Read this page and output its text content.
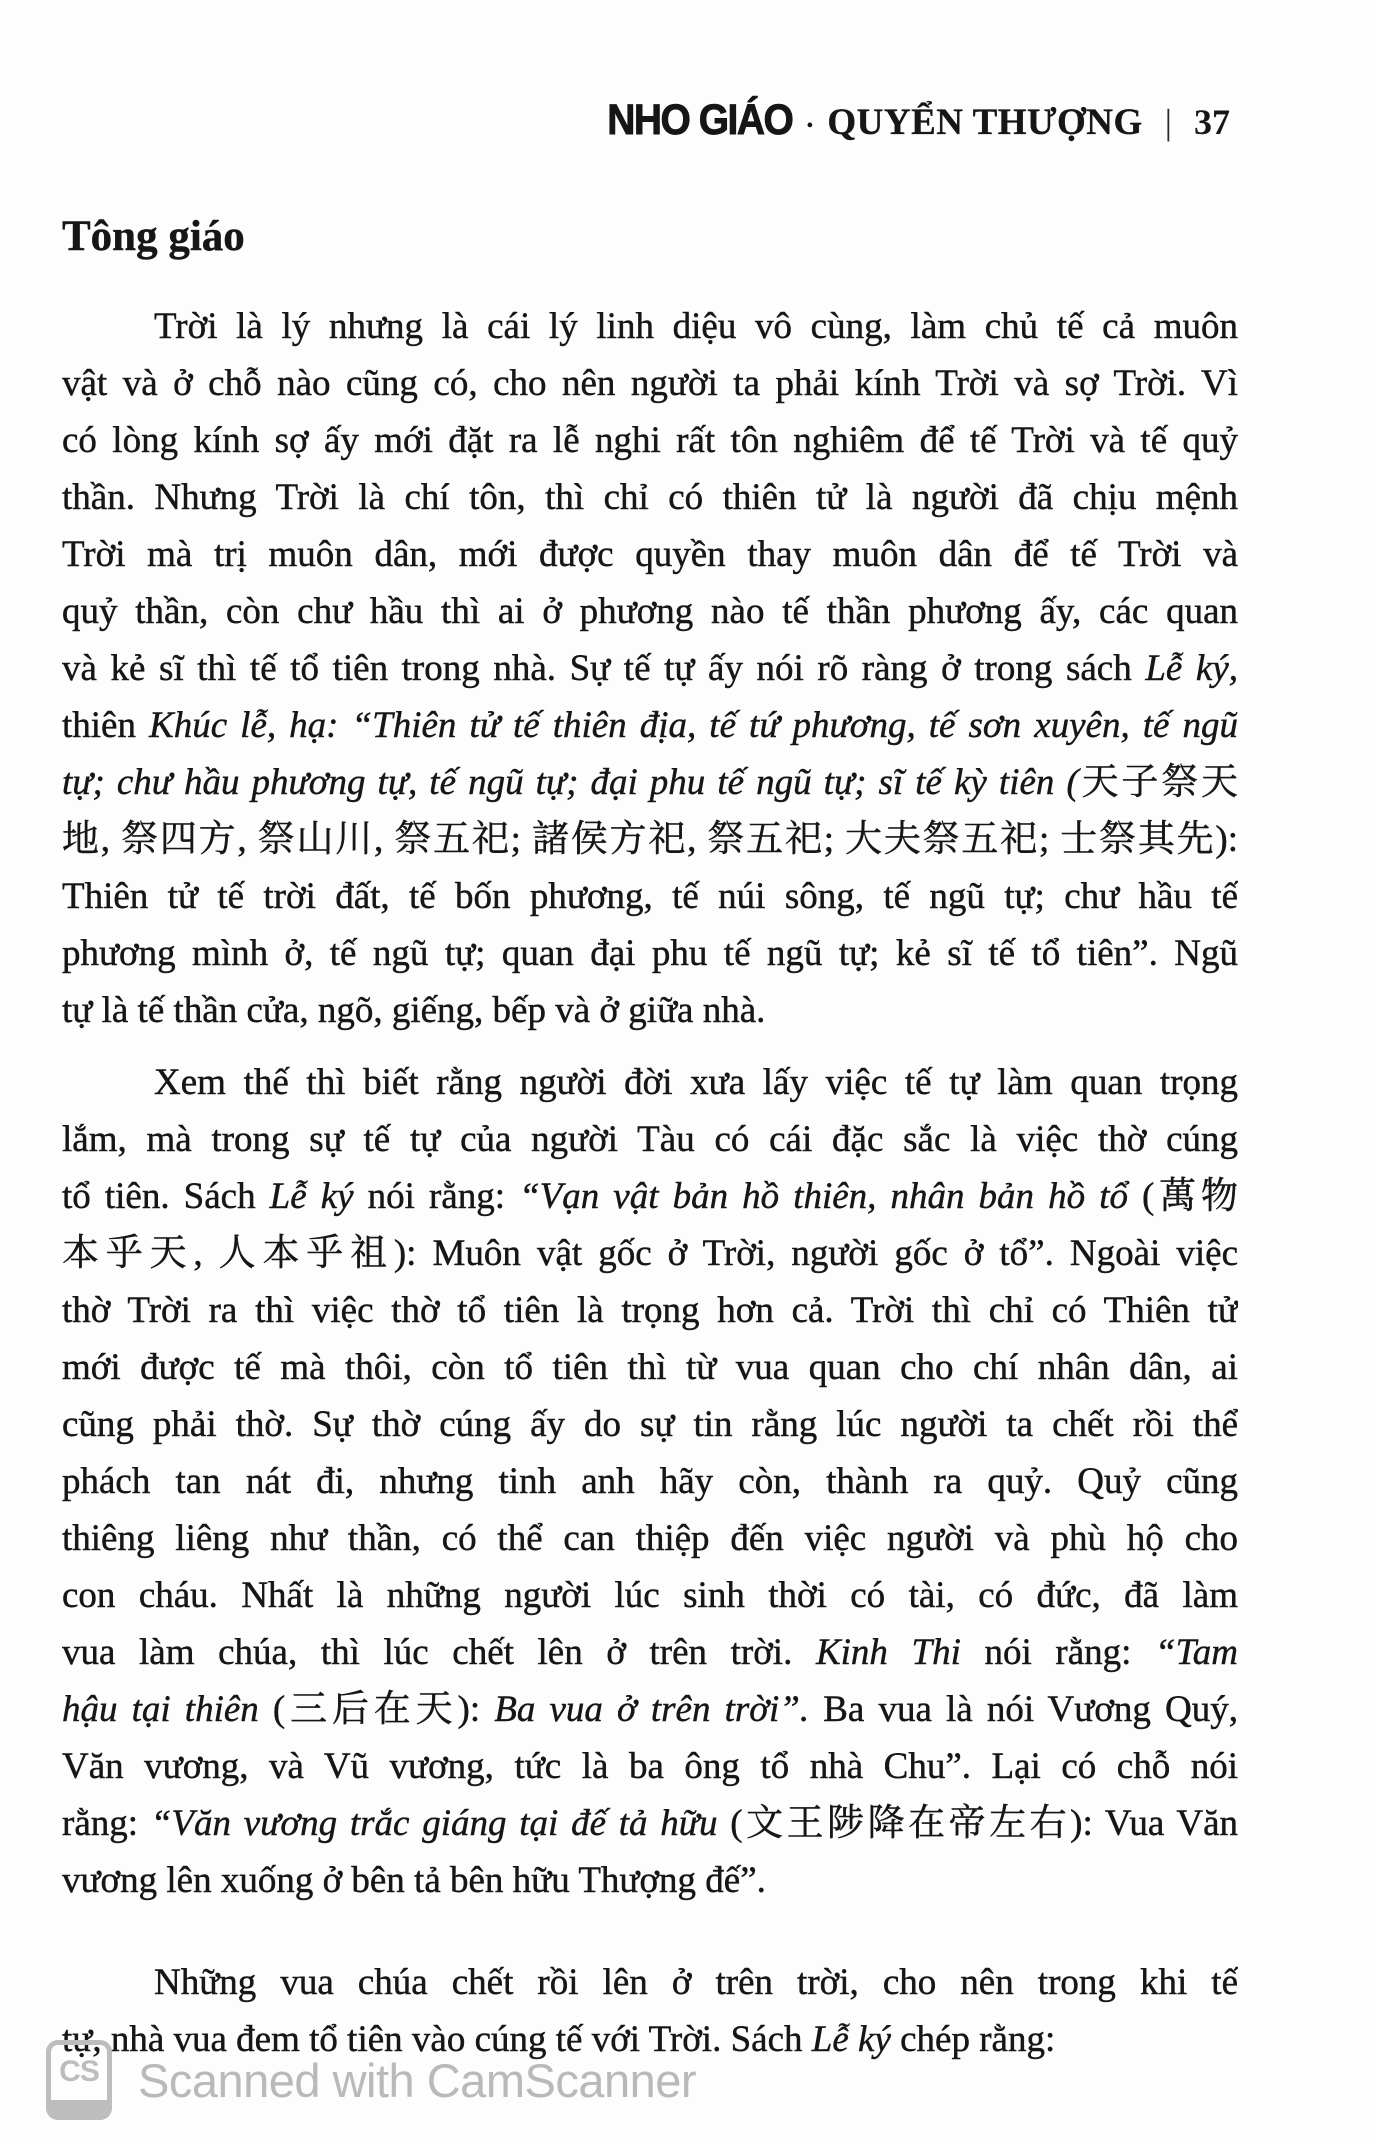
NHO GIÁO • QUYỂN THƯỢNG | 37
Tông giáo
Trời là lý nhưng là cái lý linh diệu vô cùng, làm chủ tế cả muôn
vật và ở chỗ nào cũng có, cho nên người ta phải kính Trời và sợ Trời. Vì
có lòng kính sợ ấy mới đặt ra lễ nghi rất tôn nghiêm để tế Trời và tế quỷ
thần. Nhưng Trời là chí tôn, thì chỉ có thiên tử là người đã chịu mệnh
Trời mà trị muôn dân, mới được quyền thay muôn dân để tế Trời và
quỷ thần, còn chư hầu thì ai ở phương nào tế thần phương ấy, các quan
và kẻ sĩ thì tế tổ tiên trong nhà. Sự tế tự ấy nói rõ ràng ở trong sách Lễ ký,
thiên Khúc lễ, hạ: “Thiên tử tế thiên địa, tế tứ phương, tế sơn xuyên, tế ngũ
tự; chư hầu phương tự, tế ngũ tự; đại phu tế ngũ tự; sĩ tế kỳ tiên (天子祭天
地, 祭四方, 祭山川, 祭五祀; 諸侯方祀, 祭五祀; 大夫祭五祀; 士祭其先):
Thiên tử tế trời đất, tế bốn phương, tế núi sông, tế ngũ tự; chư hầu tế
phương mình ở, tế ngũ tự; quan đại phu tế ngũ tự; kẻ sĩ tế tổ tiên”. Ngũ
tự là tế thần cửa, ngõ, giếng, bếp và ở giữa nhà.
Xem thế thì biết rằng người đời xưa lấy việc tế tự làm quan trọng
lắm, mà trong sự tế tự của người Tàu có cái đặc sắc là việc thờ cúng
tổ tiên. Sách Lễ ký nói rằng: “Vạn vật bản hồ thiên, nhân bản hồ tổ (萬物
本乎天, 人本乎祖): Muôn vật gốc ở Trời, người gốc ở tổ”. Ngoài việc
thờ Trời ra thì việc thờ tổ tiên là trọng hơn cả. Trời thì chỉ có Thiên tử
mới được tế mà thôi, còn tổ tiên thì từ vua quan cho chí nhân dân, ai
cũng phải thờ. Sự thờ cúng ấy do sự tin rằng lúc người ta chết rồi thể
phách tan nát đi, nhưng tinh anh hãy còn, thành ra quỷ. Quỷ cũng
thiêng liêng như thần, có thể can thiệp đến việc người và phù hộ cho
con cháu. Nhất là những người lúc sinh thời có tài, có đức, đã làm
vua làm chúa, thì lúc chết lên ở trên trời. Kinh Thi nói rằng: “Tam
hậu tại thiên (三后在天): Ba vua ở trên trời”. Ba vua là nói Vương Quý,
Văn vương, và Vũ vương, tức là ba ông tổ nhà Chu”. Lại có chỗ nói
rằng: “Văn vương trắc giáng tại đế tả hữu (文王陟降在帝左右): Vua Văn
vương lên xuống ở bên tả bên hữu Thượng đế”.
Những vua chúa chết rồi lên ở trên trời, cho nên trong khi tế
tự, nhà vua đem tổ tiên vào cúng tế với Trời. Sách Lễ ký chép rằng:
CS Scanned with CamScanner
